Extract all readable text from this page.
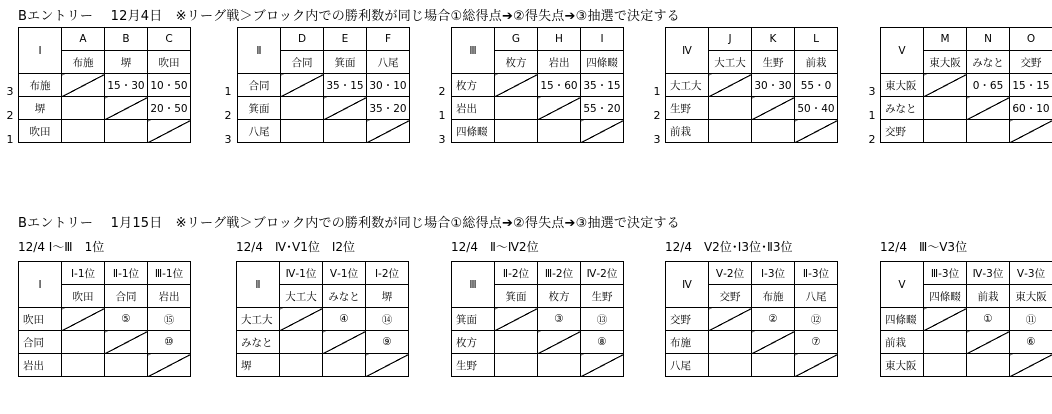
Bエントリー　 12月4日　※リーグ戦＞ブロック内での勝利数が同じ場合①総得点➔②得失点➔③抽選で決定する
Ⅰ	A	B	C
	布施	堺	吹田
布施		15・30	10・50
堺			20・50
吹田			
3
2
1
Ⅱ	D	E	F
	合同	箕面	八尾
合同		35・15	30・10
箕面			35・20
八尾			
1
2
3
Ⅲ	G	H	I
	枚方	岩出	四條畷
枚方		15・60	35・15
岩出			55・20
四條畷			
2
1
3
Ⅳ	J	K	L
	大工大	生野	前栽
大工大		30・30	55・0
生野			50・40
前栽			
1
2
3
Ⅴ	M	N	O
	東大阪	みなと	交野
東大阪		0・65	15・15
みなと			60・10
交野			
3
1
2
Bエントリー　 1月15日　※リーグ戦＞ブロック内での勝利数が同じ場合①総得点➔②得失点➔③抽選で決定する
12/4 Ⅰ～Ⅲ　1位	12/4　Ⅳ･Ⅴ1位　Ⅰ2位	12/4　Ⅱ～Ⅳ2位	12/4　Ⅴ2位･Ⅰ3位･Ⅱ3位	12/4　Ⅲ～Ⅴ3位
Ⅰ	Ⅰ-1位	Ⅱ-1位	Ⅲ-1位
	吹田	合同	岩出
吹田		⑤	⑮
合同			⑩
岩出			
Ⅱ	Ⅳ-1位	Ⅴ-1位	Ⅰ-2位
	大工大	みなと	堺
大工大		④	⑭
みなと			⑨
堺			
Ⅲ	Ⅱ-2位	Ⅲ-2位	Ⅳ-2位
	箕面	枚方	生野
箕面		③	⑬
枚方			⑧
生野			
Ⅳ	Ⅴ-2位	Ⅰ-3位	Ⅱ-3位
	交野	布施	八尾
交野		②	⑫
布施			⑦
八尾			
Ⅴ	Ⅲ-3位	Ⅳ-3位	Ⅴ-3位
	四條畷	前栽	東大阪
四條畷		①	⑪
前栽			⑥
東大阪			
